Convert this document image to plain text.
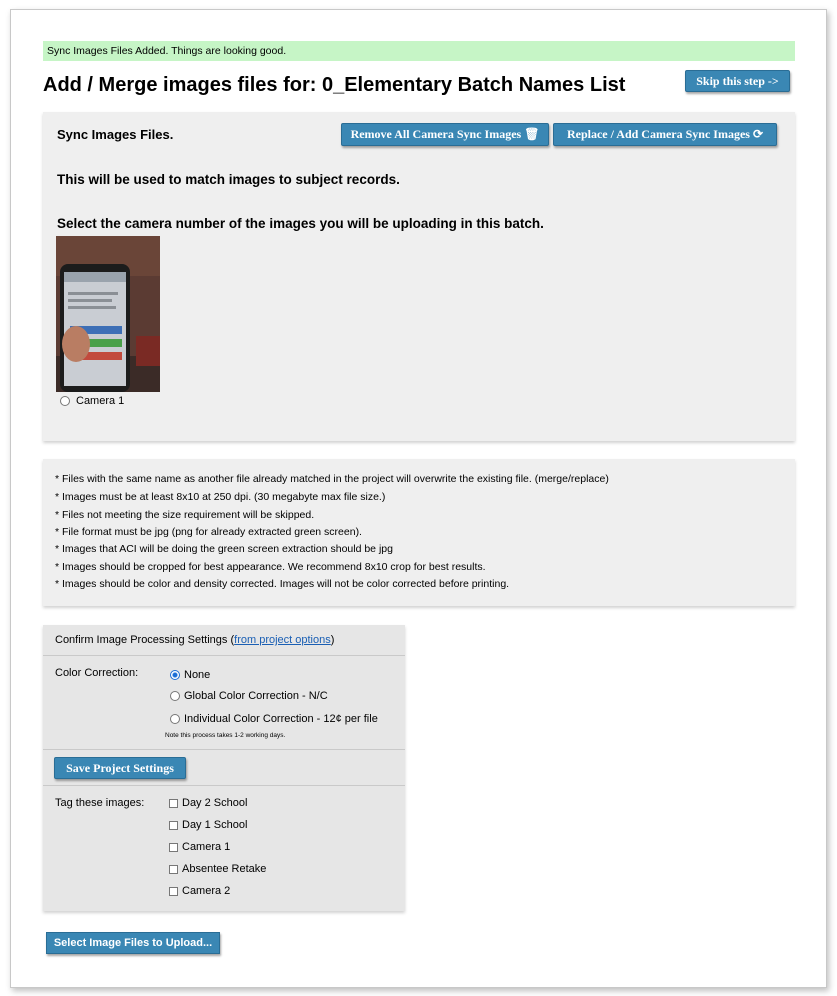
Sync Images Files Added. Things are looking good.
Add / Merge images files for: 0_Elementary Batch Names List	Skip this step ->
Sync Images Files.	Remove All Camera Sync Images 🗑	Replace / Add Camera Sync Images ⟳
This will be used to match images to subject records.
Select the camera number of the images you will be uploading in this batch.
Camera 1
* Files with the same name as another file already matched in the project will overwrite the existing file. (merge/replace)
* Images must be at least 8x10 at 250 dpi. (30 megabyte max file size.)
* Files not meeting the size requirement will be skipped.
* File format must be jpg (png for already extracted green screen).
* Images that ACI will be doing the green screen extraction should be jpg
* Images should be cropped for best appearance. We recommend 8x10 crop for best results.
* Images should be color and density corrected. Images will not be color corrected before printing.
Confirm Image Processing Settings (from project options)
Color Correction:	None
Global Color Correction - N/C
Individual Color Correction - 12¢ per file
Note this process takes 1-2 working days.
Save Project Settings
Tag these images:	Day 2 School
Day 1 School
Camera 1
Absentee Retake
Camera 2
Select Image Files to Upload...
